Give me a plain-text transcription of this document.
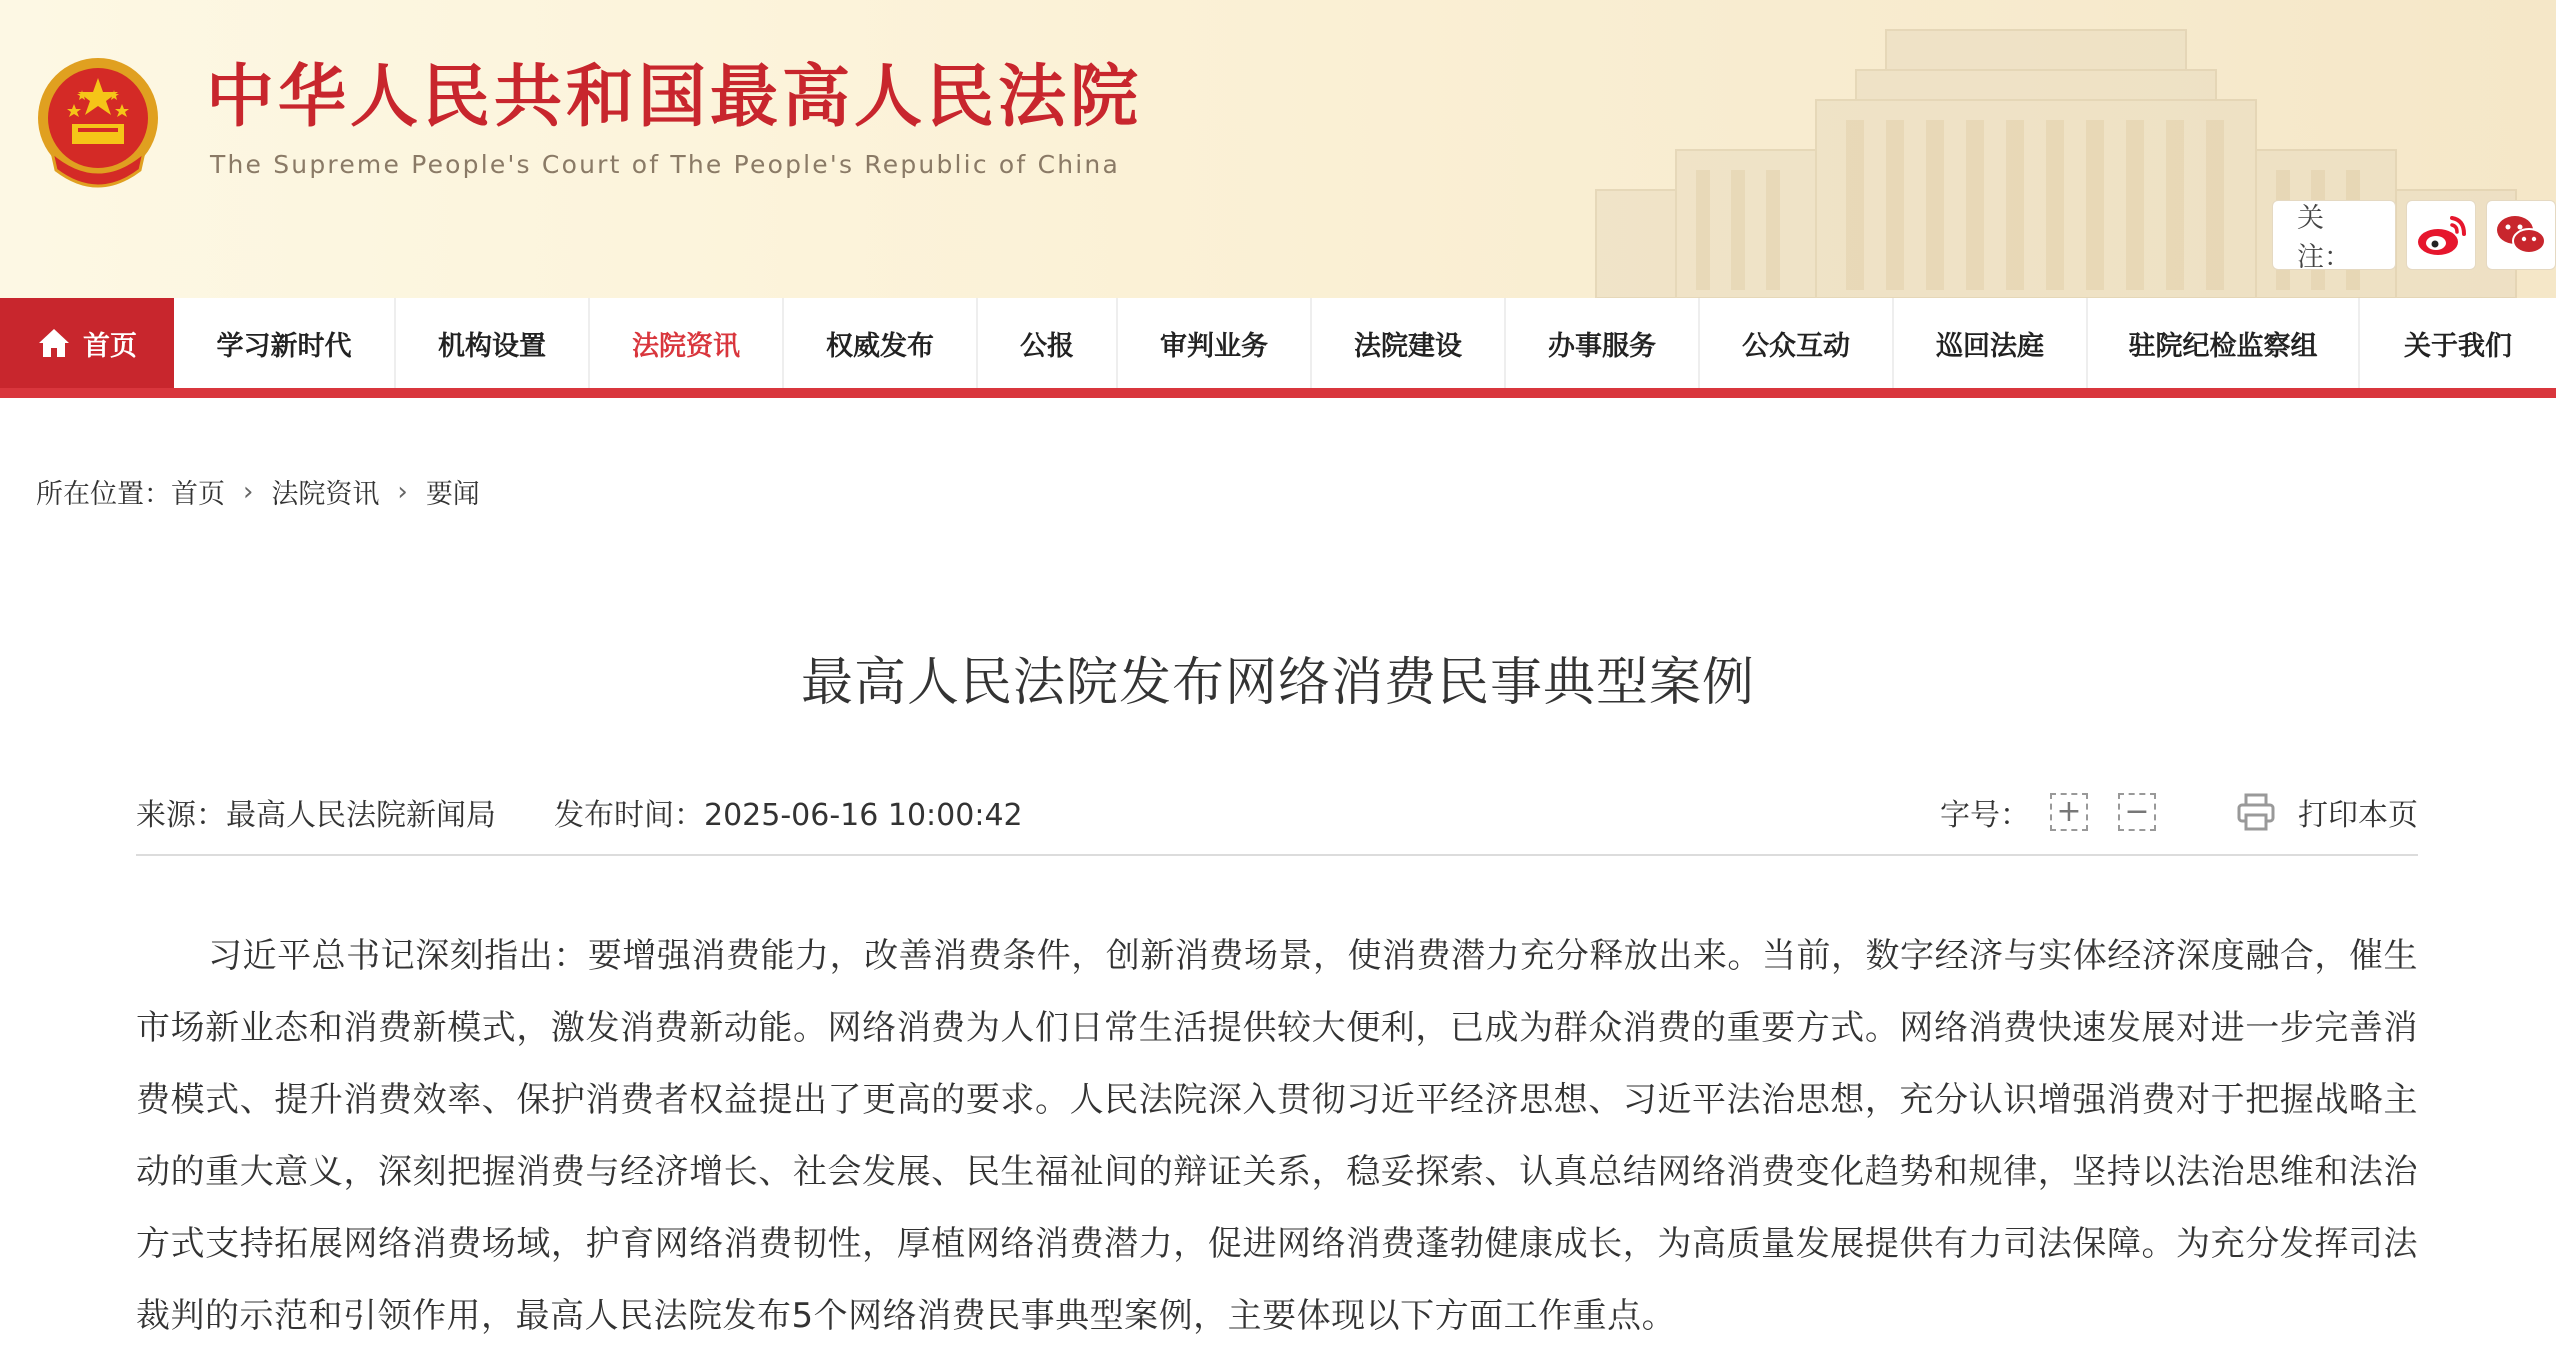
中华人民共和国最高人民法院
The Supreme People's Court of The People's Republic of China
关注：
首页	学习新时代	机构设置	法院资讯	权威发布	公报	审判业务	法院建设	办事服务	公众互动	巡回法庭	驻院纪检监察组	关于我们
所在位置： 首页 › 法院资讯 › 要闻
最高人民法院发布网络消费民事典型案例
来源：最高人民法院新闻局 发布时间：2025-06-16 10:00:42	字号： + −	打印本页
习近平总书记深刻指出：要增强消费能力，改善消费条件，创新消费场景，使消费潜力充分释放出来。当前，数字经济与实体经济深度融合，催生市场新业态和消费新模式，激发消费新动能。网络消费为人们日常生活提供较大便利，已成为群众消费的重要方式。网络消费快速发展对进一步完善消费模式、提升消费效率、保护消费者权益提出了更高的要求。人民法院深入贯彻习近平经济思想、习近平法治思想，充分认识增强消费对于把握战略主动的重大意义，深刻把握消费与经济增长、社会发展、民生福祉间的辩证关系，稳妥探索、认真总结网络消费变化趋势和规律，坚持以法治思维和法治方式支持拓展网络消费场域，护育网络消费韧性，厚植网络消费潜力，促进网络消费蓬勃健康成长，为高质量发展提供有力司法保障。为充分发挥司法裁判的示范和引领作用，最高人民法院发布5个网络消费民事典型案例，主要体现以下方面工作重点。
